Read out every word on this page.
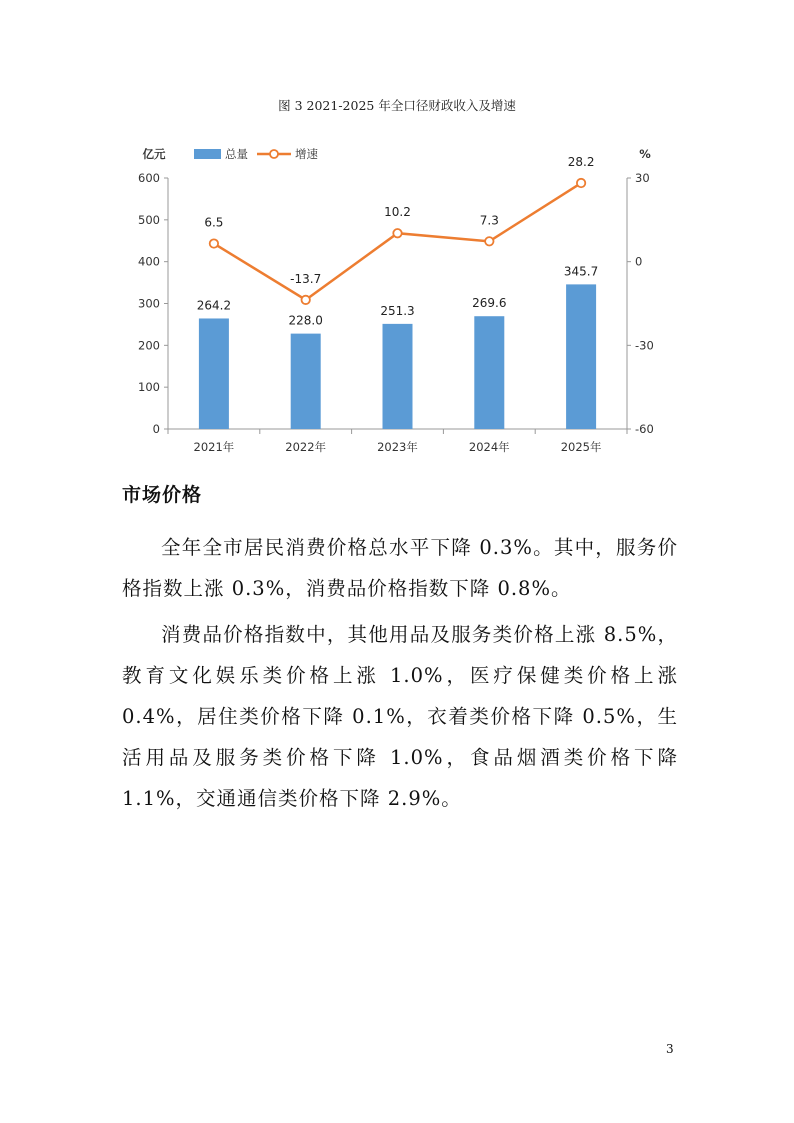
图 3 2021-2025 年全口径财政收入及增速
0
100
200
300
400
500
600
-60
-30
0
30
2021年	2022年	2023年	2024年	2025年
亿元	%
264.2
228.0
251.3
269.6
345.7
6.5
-13.7
10.2
7.3
28.2
总量	增速
市场价格

全年全市居民消费价格总水平下降 0.3%。其中，服务价格指数上涨 0.3%，消费品价格指数下降 0.8%。

消费品价格指数中，其他用品及服务类价格上涨 8.5%，教育文化娱乐类价格上涨 1.0%，医疗保健类价格上涨 0.4%，居住类价格下降 0.1%，衣着类价格下降 0.5%，生活用品及服务类价格下降 1.0%，食品烟酒类价格下降 1.1%，交通通信类价格下降 2.9%。

3
